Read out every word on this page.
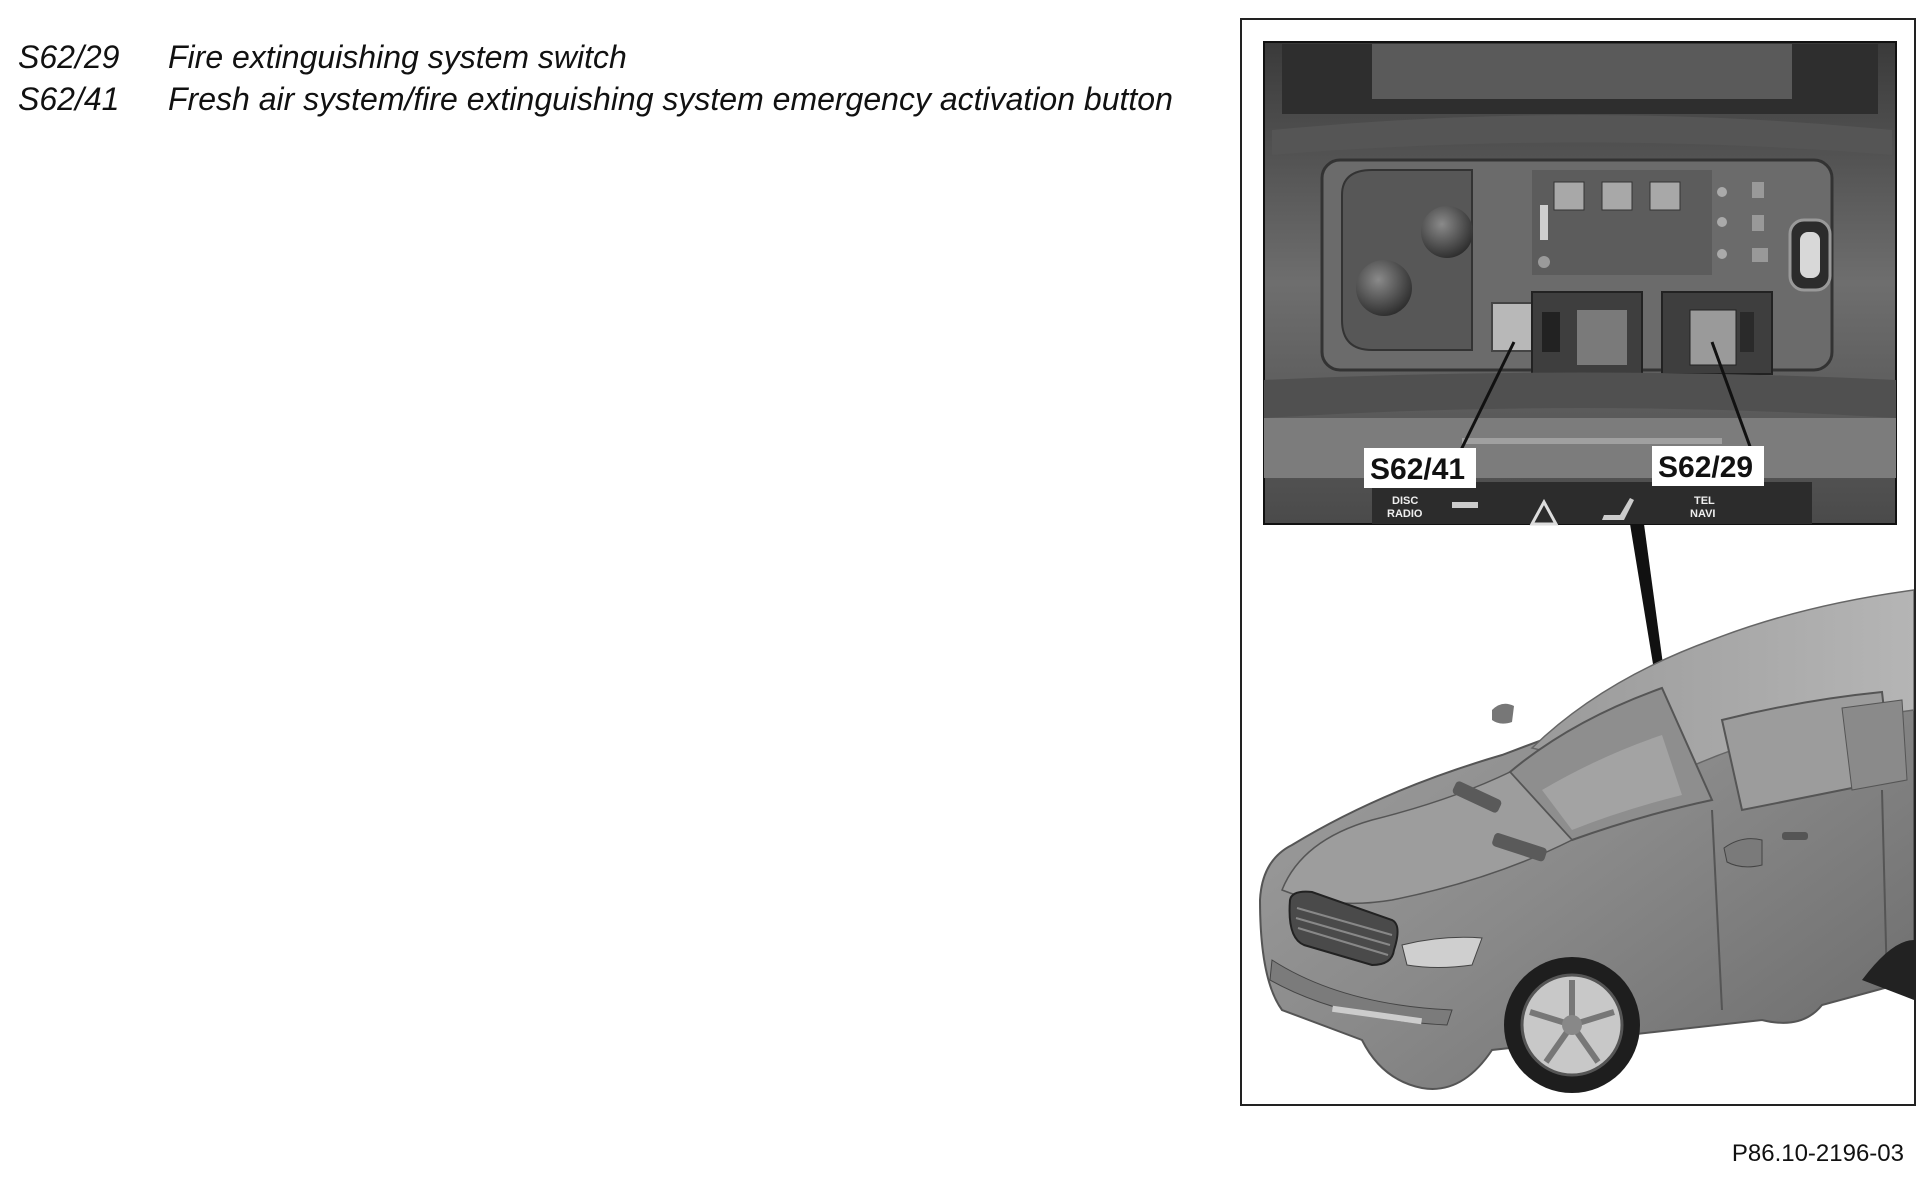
S62/29	Fire extinguishing system switch
S62/41	Fresh air system/fire extinguishing system emergency activation button
DISC
RADIO
TEL
NAVI
S62/41	S62/29
P86.10-2196-03
